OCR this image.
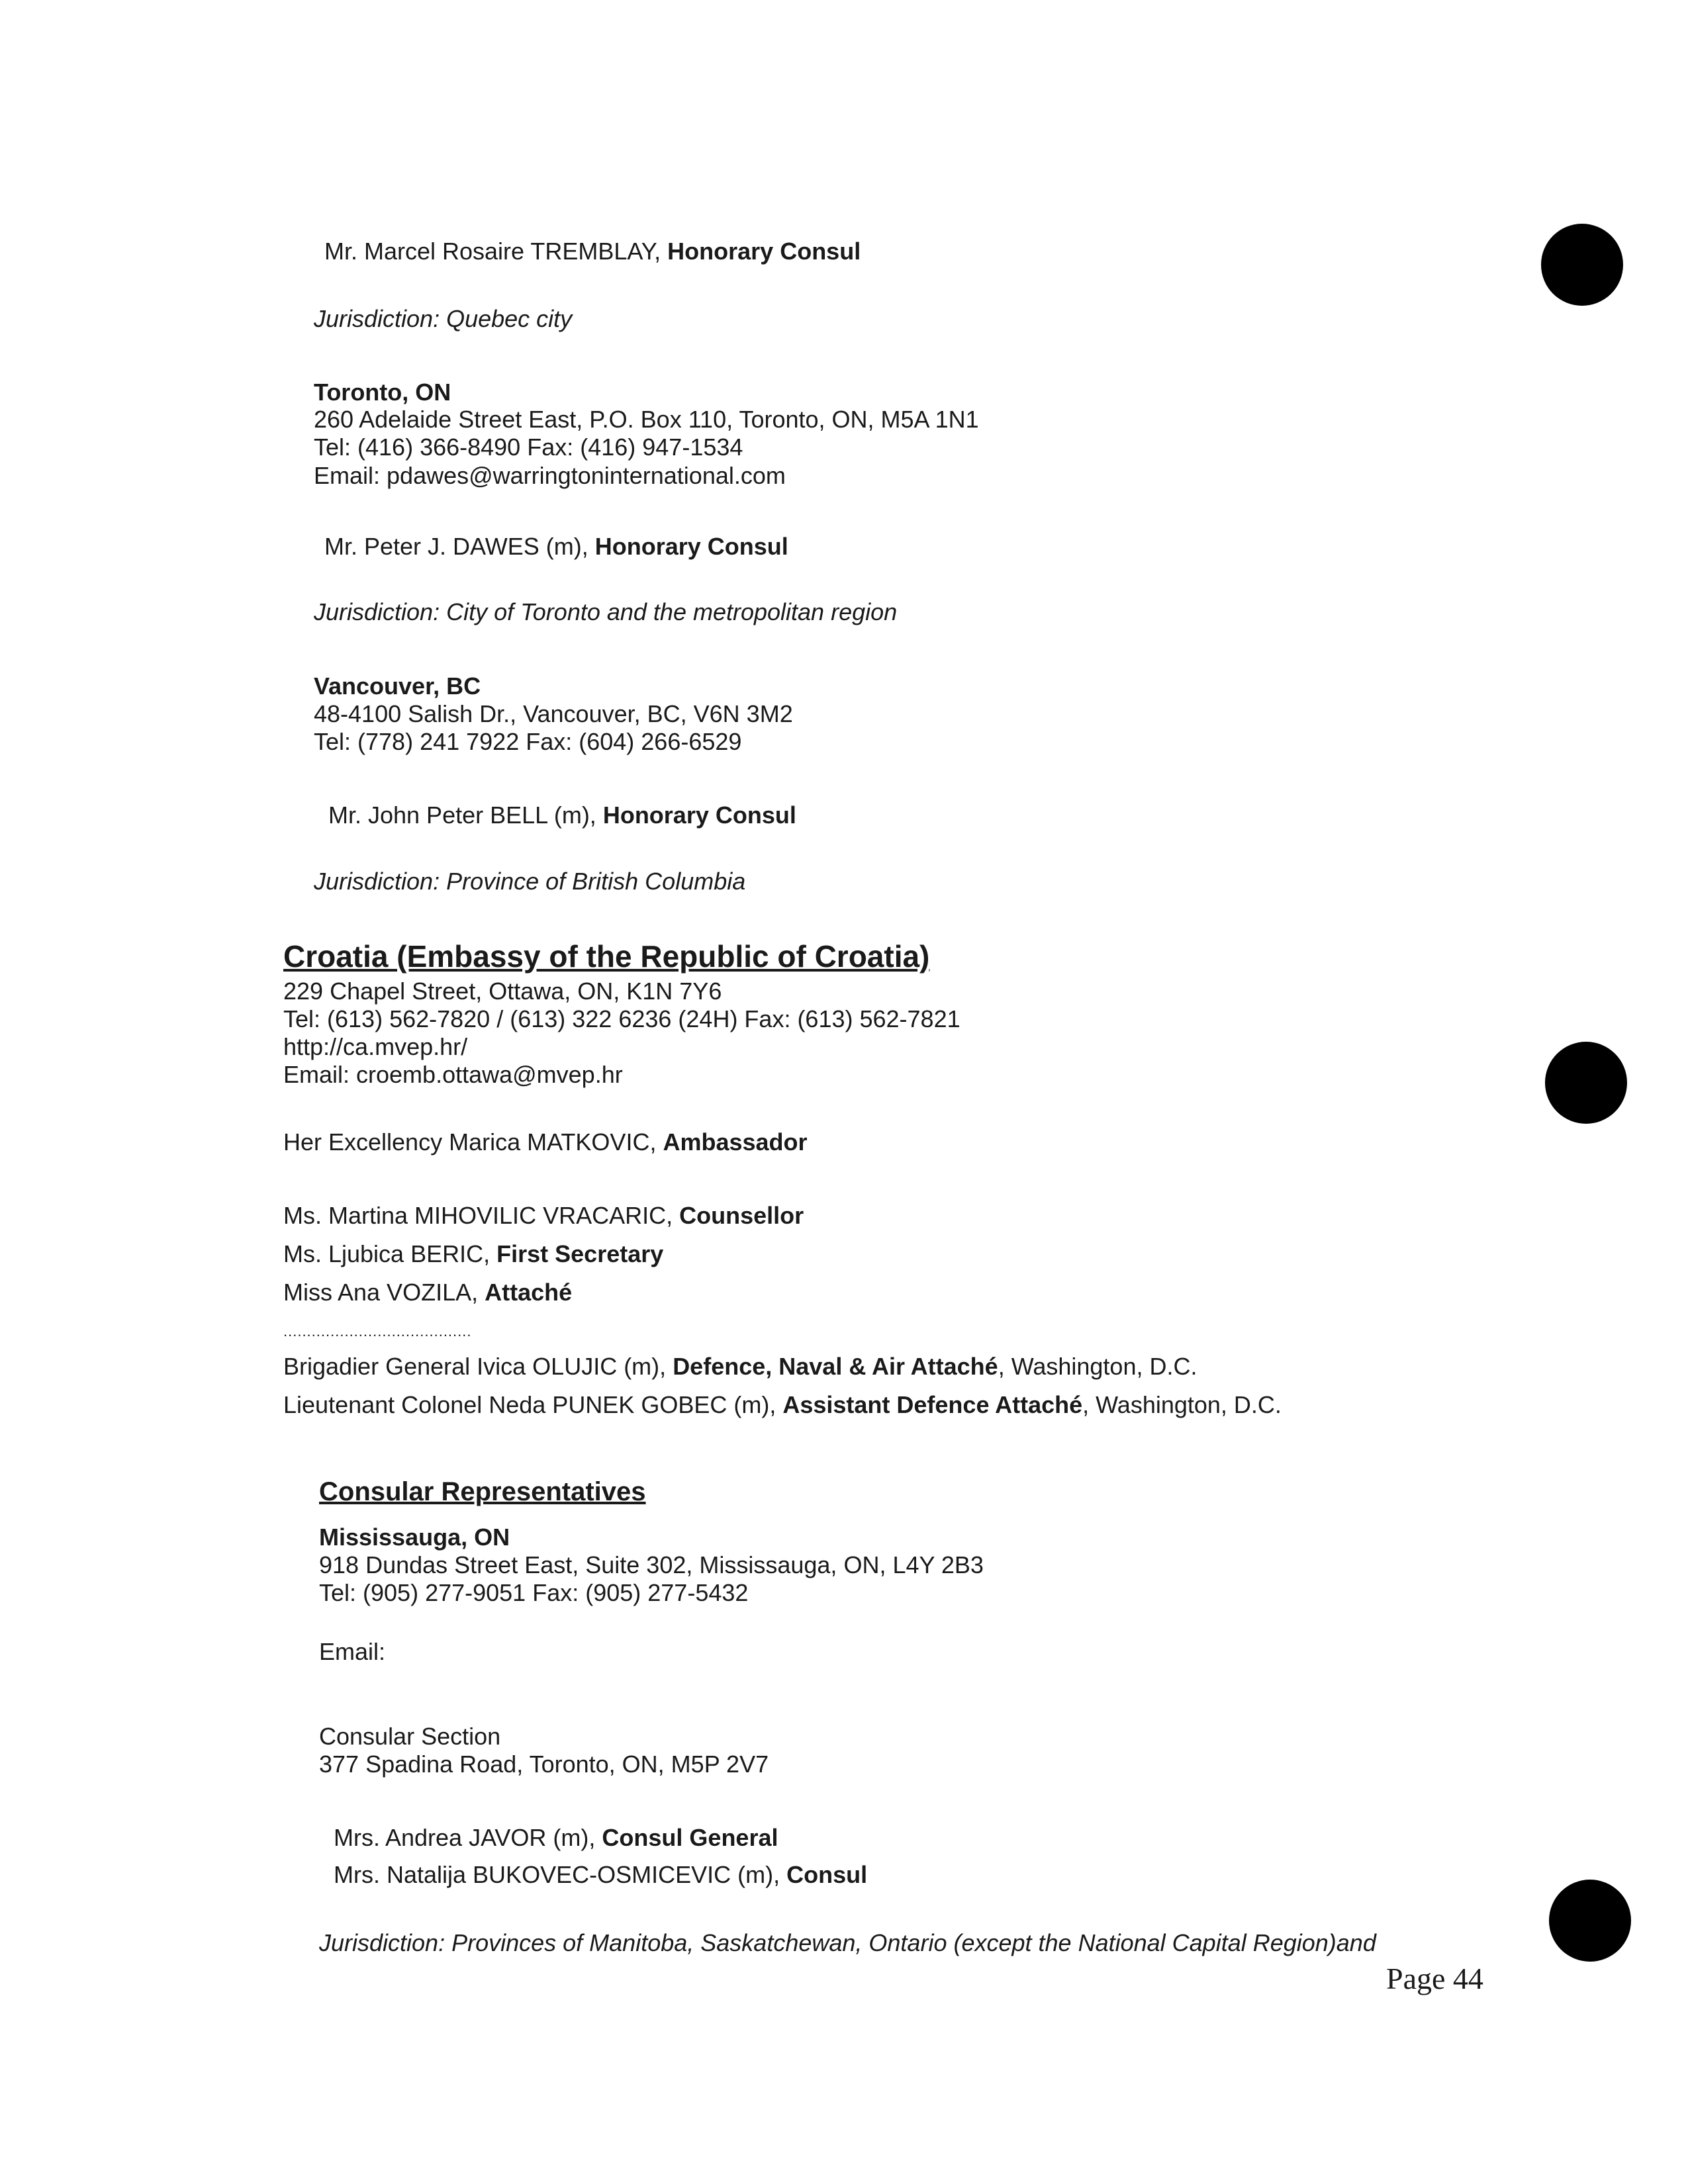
Mr. Marcel Rosaire TREMBLAY, Honorary Consul
Jurisdiction: Quebec city
Toronto, ON
260 Adelaide Street East, P.O. Box 110, Toronto, ON, M5A 1N1
Tel: (416) 366-8490 Fax: (416) 947-1534
Email: pdawes@warringtoninternational.com
Mr. Peter J. DAWES (m), Honorary Consul
Jurisdiction: City of Toronto and the metropolitan region
Vancouver, BC
48-4100 Salish Dr., Vancouver, BC, V6N 3M2
Tel: (778) 241 7922 Fax: (604) 266-6529
Mr. John Peter BELL (m), Honorary Consul
Jurisdiction: Province of British Columbia
Croatia (Embassy of the Republic of Croatia)
229 Chapel Street, Ottawa, ON, K1N 7Y6
Tel: (613) 562-7820 / (613) 322 6236 (24H) Fax: (613) 562-7821
http://ca.mvep.hr/
Email: croemb.ottawa@mvep.hr
Her Excellency Marica MATKOVIC, Ambassador
Ms. Martina MIHOVILIC VRACARIC, Counsellor
Ms. Ljubica BERIC, First Secretary
Miss Ana VOZILA, Attaché
........................................
Brigadier General Ivica OLUJIC (m), Defence, Naval & Air Attaché, Washington, D.C.
Lieutenant Colonel Neda PUNEK GOBEC (m), Assistant Defence Attaché, Washington, D.C.
Consular Representatives
Mississauga, ON
918 Dundas Street East, Suite 302, Mississauga, ON, L4Y 2B3
Tel: (905) 277-9051 Fax: (905) 277-5432
Email:
Consular Section
377 Spadina Road, Toronto, ON, M5P 2V7
Mrs. Andrea JAVOR (m), Consul General
Mrs. Natalija BUKOVEC-OSMICEVIC (m), Consul
Jurisdiction: Provinces of Manitoba, Saskatchewan, Ontario (except the National Capital Region)and
Page 44
